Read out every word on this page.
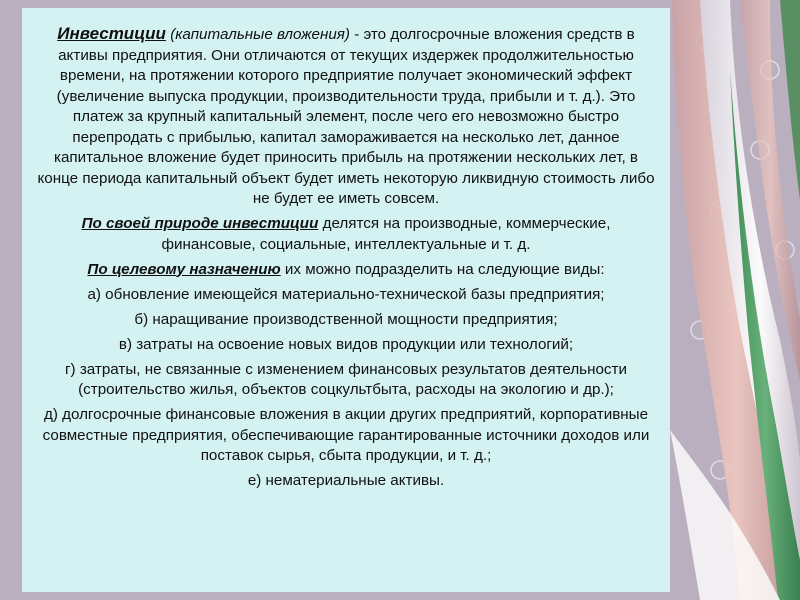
Инвестиции (капитальные вложения) - это долгосрочные вложения средств в активы предприятия. Они отличаются от текущих издержек продолжительностью времени, на протяжении которого предприятие получает экономический эффект (увеличение выпуска продукции, производительности труда, прибыли и т. д.). Это платеж за крупный капитальный элемент, после чего его невозможно быстро перепродать с прибылью, капитал замораживается на несколько лет, данное капитальное вложение будет приносить прибыль на протяжении нескольких лет, в конце периода капитальный объект будет иметь некоторую ликвидную стоимость либо не будет ее иметь совсем.

По своей природе инвестиции делятся на производные, коммерческие, финансовые, социальные, интеллектуальные и т. д.

По целевому назначению их можно подразделить на следующие виды:

а) обновление имеющейся материально-технической базы предприятия;

б) наращивание производственной мощности предприятия;

в) затраты на освоение новых видов продукции или технологий;

г) затраты, не связанные с изменением финансовых результатов деятельности (строительство жилья, объектов соцкультбыта, расходы на экологию и др.);

д) долгосрочные финансовые вложения в акции других предприятий, корпоративные совместные предприятия, обеспечивающие гарантированные источники доходов или поставок сырья, сбыта продукции, и т. д.;

е) нематериальные активы.
